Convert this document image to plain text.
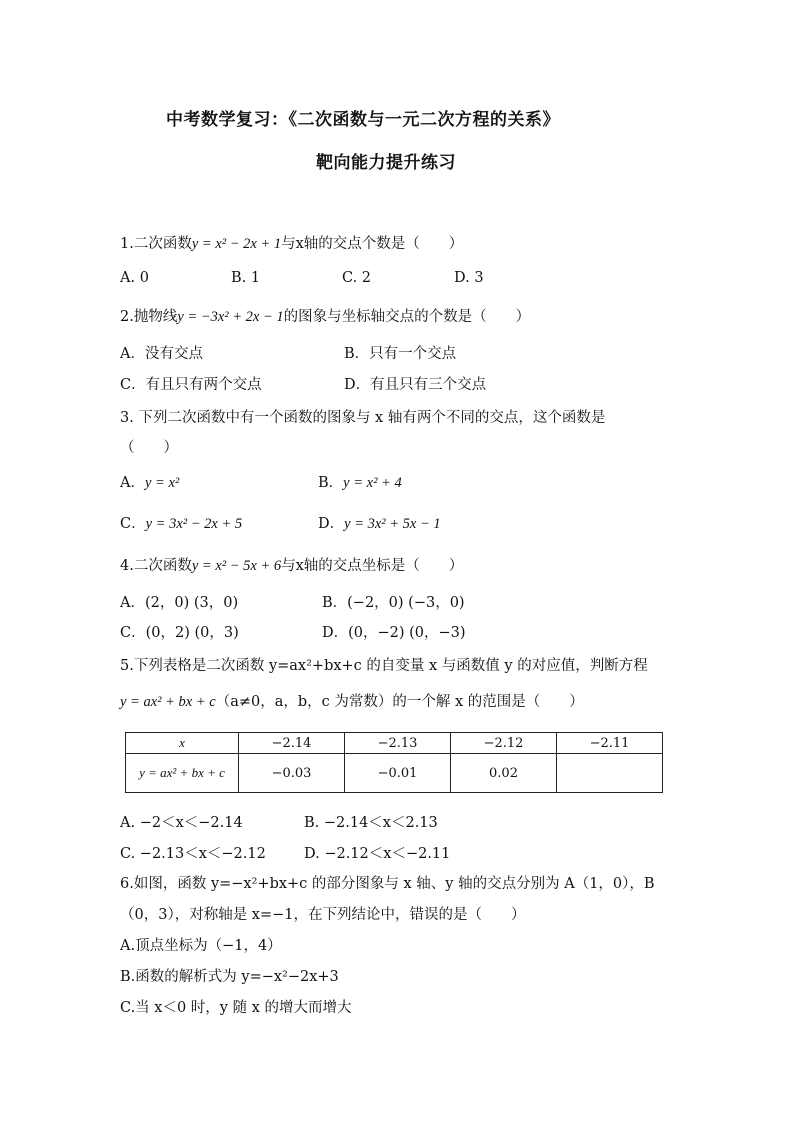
中考数学复习：《二次函数与一元二次方程的关系》
靶向能力提升练习
1.二次函数y = x² − 2x + 1与x轴的交点个数是（　　）
A. 0	B. 1	C. 2	D. 3
2.抛物线y = −3x² + 2x − 1的图象与坐标轴交点的个数是（　　）
A．没有交点	B．只有一个交点
C．有且只有两个交点	D．有且只有三个交点
3. 下列二次函数中有一个函数的图象与 x 轴有两个不同的交点，这个函数是
（　　）
A．y = x²	B．y = x² + 4
C．y = 3x² − 2x + 5	D．y = 3x² + 5x − 1
4.二次函数y = x² − 5x + 6与x轴的交点坐标是（　　）
A．(2，0) (3，0)	B．(−2，0) (−3，0)
C．(0，2) (0，3)	D．(0，−2) (0，−3)
5.下列表格是二次函数 y=ax²+bx+c 的自变量 x 与函数值 y 的对应值，判断方程
y = ax² + bx + c（a≠0，a，b，c 为常数）的一个解 x 的范围是（　　）
x	−2.14	−2.13	−2.12	−2.11
y = ax² + bx + c	−0.03	−0.01	0.02	
A. −2＜x＜−2.14	B. −2.14＜x＜2.13
C. −2.13＜x＜−2.12	D. −2.12＜x＜−2.11
6.如图，函数 y=−x²+bx+c 的部分图象与 x 轴、y 轴的交点分别为 A（1，0），B
（0，3），对称轴是 x=−1，在下列结论中，错误的是（　　）
A.顶点坐标为（−1，4）
B.函数的解析式为 y=−x²−2x+3
C.当 x＜0 时，y 随 x 的增大而增大
